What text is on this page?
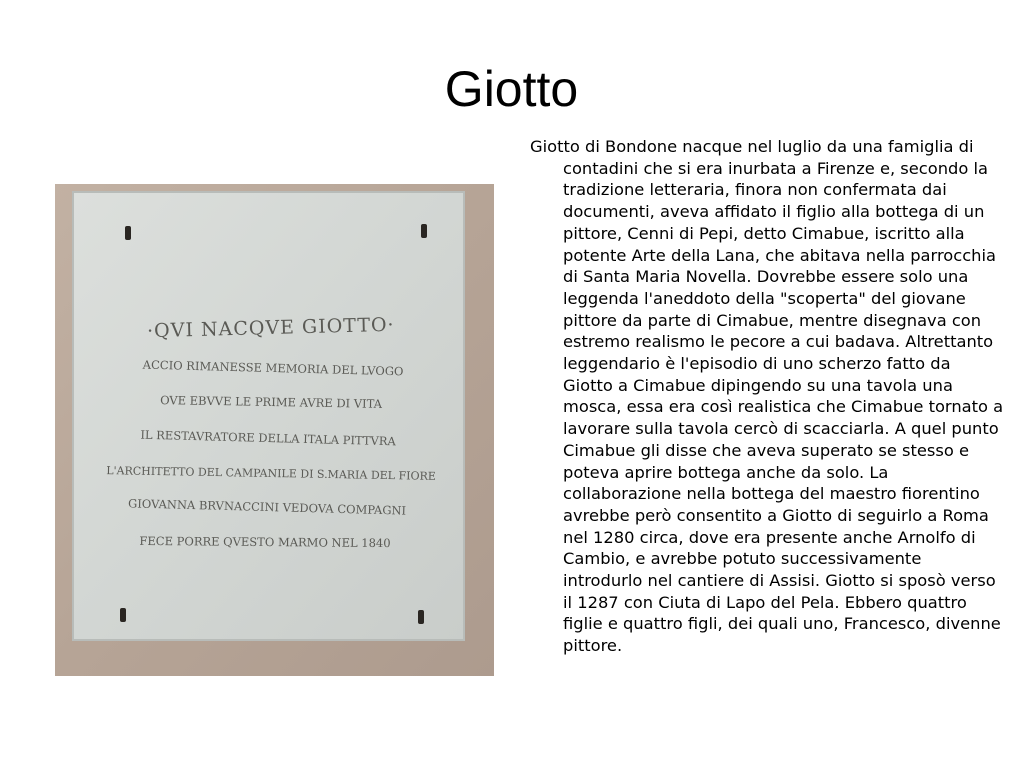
Giotto
·QVI NACQVE GIOTTO·
ACCIO RIMANESSE MEMORIA DEL LVOGO
OVE EBVVE LE PRIME AVRE DI VITA
IL RESTAVRATORE DELLA ITALA PITTVRA
L'ARCHITETTO DEL CAMPANILE DI S.MARIA DEL FIORE
GIOVANNA BRVNACCINI VEDOVA COMPAGNI
FECE PORRE QVESTO MARMO NEL 1840

Giotto di Bondone nacque nel luglio da una famiglia di contadini che si era inurbata a Firenze e, secondo la tradizione letteraria, finora non confermata dai documenti, aveva affidato il figlio alla bottega di un pittore, Cenni di Pepi, detto Cimabue, iscritto alla potente Arte della Lana, che abitava nella parrocchia di Santa Maria Novella. Dovrebbe essere solo una leggenda l'aneddoto della "scoperta" del giovane pittore da parte di Cimabue, mentre disegnava con estremo realismo le pecore a cui badava. Altrettanto leggendario è l'episodio di uno scherzo fatto da Giotto a Cimabue dipingendo su una tavola una mosca, essa era così realistica che Cimabue tornato a lavorare sulla tavola cercò di scacciarla. A quel punto Cimabue gli disse che aveva superato se stesso e poteva aprire bottega anche da solo. La collaborazione nella bottega del maestro fiorentino avrebbe però consentito a Giotto di seguirlo a Roma nel 1280 circa, dove era presente anche Arnolfo di Cambio, e avrebbe potuto successivamente introdurlo nel cantiere di Assisi. Giotto si sposò verso il 1287 con Ciuta di Lapo del Pela. Ebbero quattro figlie e quattro figli, dei quali uno, Francesco, divenne pittore.
